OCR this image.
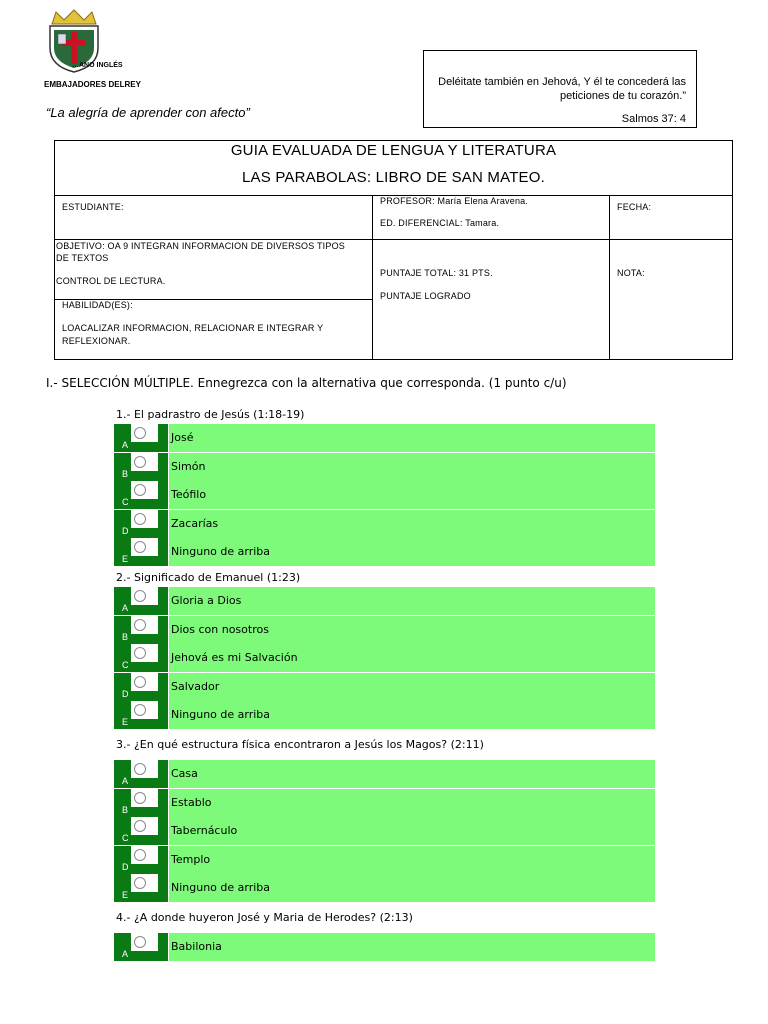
…ANO INGLÉS
EMBAJADORES DELREY
“La alegría de aprender con afecto”
Deléitate también en Jehová, Y él te concederá las peticiones de tu corazón.”
Salmos 37: 4
GUIA EVALUADA DE LENGUA Y LITERATURA
LAS PARABOLAS: LIBRO DE SAN MATEO.
ESTUDIANTE:
PROFESOR: María Elena Aravena.
ED. DIFERENCIAL: Tamara.
FECHA:
OBJETIVO: OA 9 INTEGRAN INFORMACION DE DIVERSOS TIPOS
DE TEXTOS
CONTROL DE LECTURA.
PUNTAJE TOTAL: 31 PTS.
PUNTAJE LOGRADO
NOTA:
HABILIDAD(ES):
LOACALIZAR INFORMACION, RELACIONAR E INTEGRAR Y
REFLEXIONAR.
I.- SELECCIÓN MÚLTIPLE. Ennegrezca con la alternativa que corresponda. (1 punto c/u)
1.- El padrastro de Jesús (1:18-19)
A
José
B
Simón
C
Teófilo
D
Zacarías
E
Ninguno de arriba
2.- Significado de Emanuel (1:23)
A
Gloria a Dios
B
Dios con nosotros
C
Jehová es mi Salvación
D
Salvador
E
Ninguno de arriba
3.- ¿En qué estructura física encontraron a Jesús los Magos? (2:11)
A
Casa
B
Establo
C
Tabernáculo
D
Templo
E
Ninguno de arriba
4.- ¿A donde huyeron José y Maria de Herodes? (2:13)
A
Babilonia
